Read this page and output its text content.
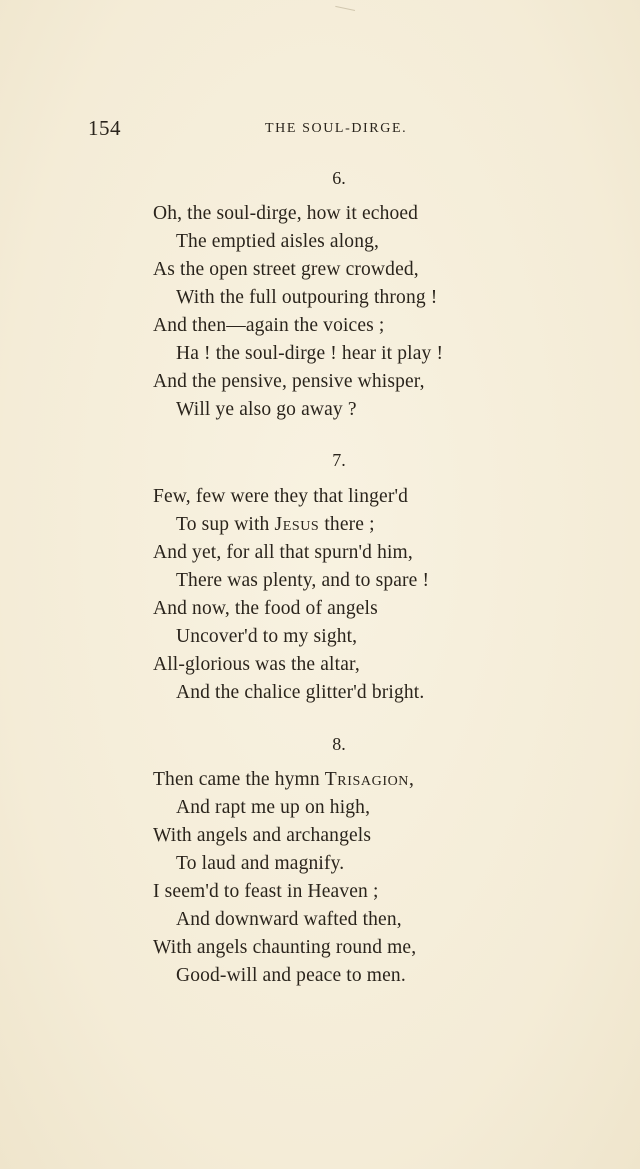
154	THE SOUL-DIRGE.
6.
Oh, the soul-dirge, how it echoed
The emptied aisles along,
As the open street grew crowded,
With the full outpouring throng !
And then—again the voices ;
Ha ! the soul-dirge ! hear it play !
And the pensive, pensive whisper,
Will ye also go away ?
7.
Few, few were they that linger'd
To sup with Jesus there ;
And yet, for all that spurn'd him,
There was plenty, and to spare !
And now, the food of angels
Uncover'd to my sight,
All-glorious was the altar,
And the chalice glitter'd bright.
8.
Then came the hymn Trisagion,
And rapt me up on high,
With angels and archangels
To laud and magnify.
I seem'd to feast in Heaven ;
And downward wafted then,
With angels chaunting round me,
Good-will and peace to men.
